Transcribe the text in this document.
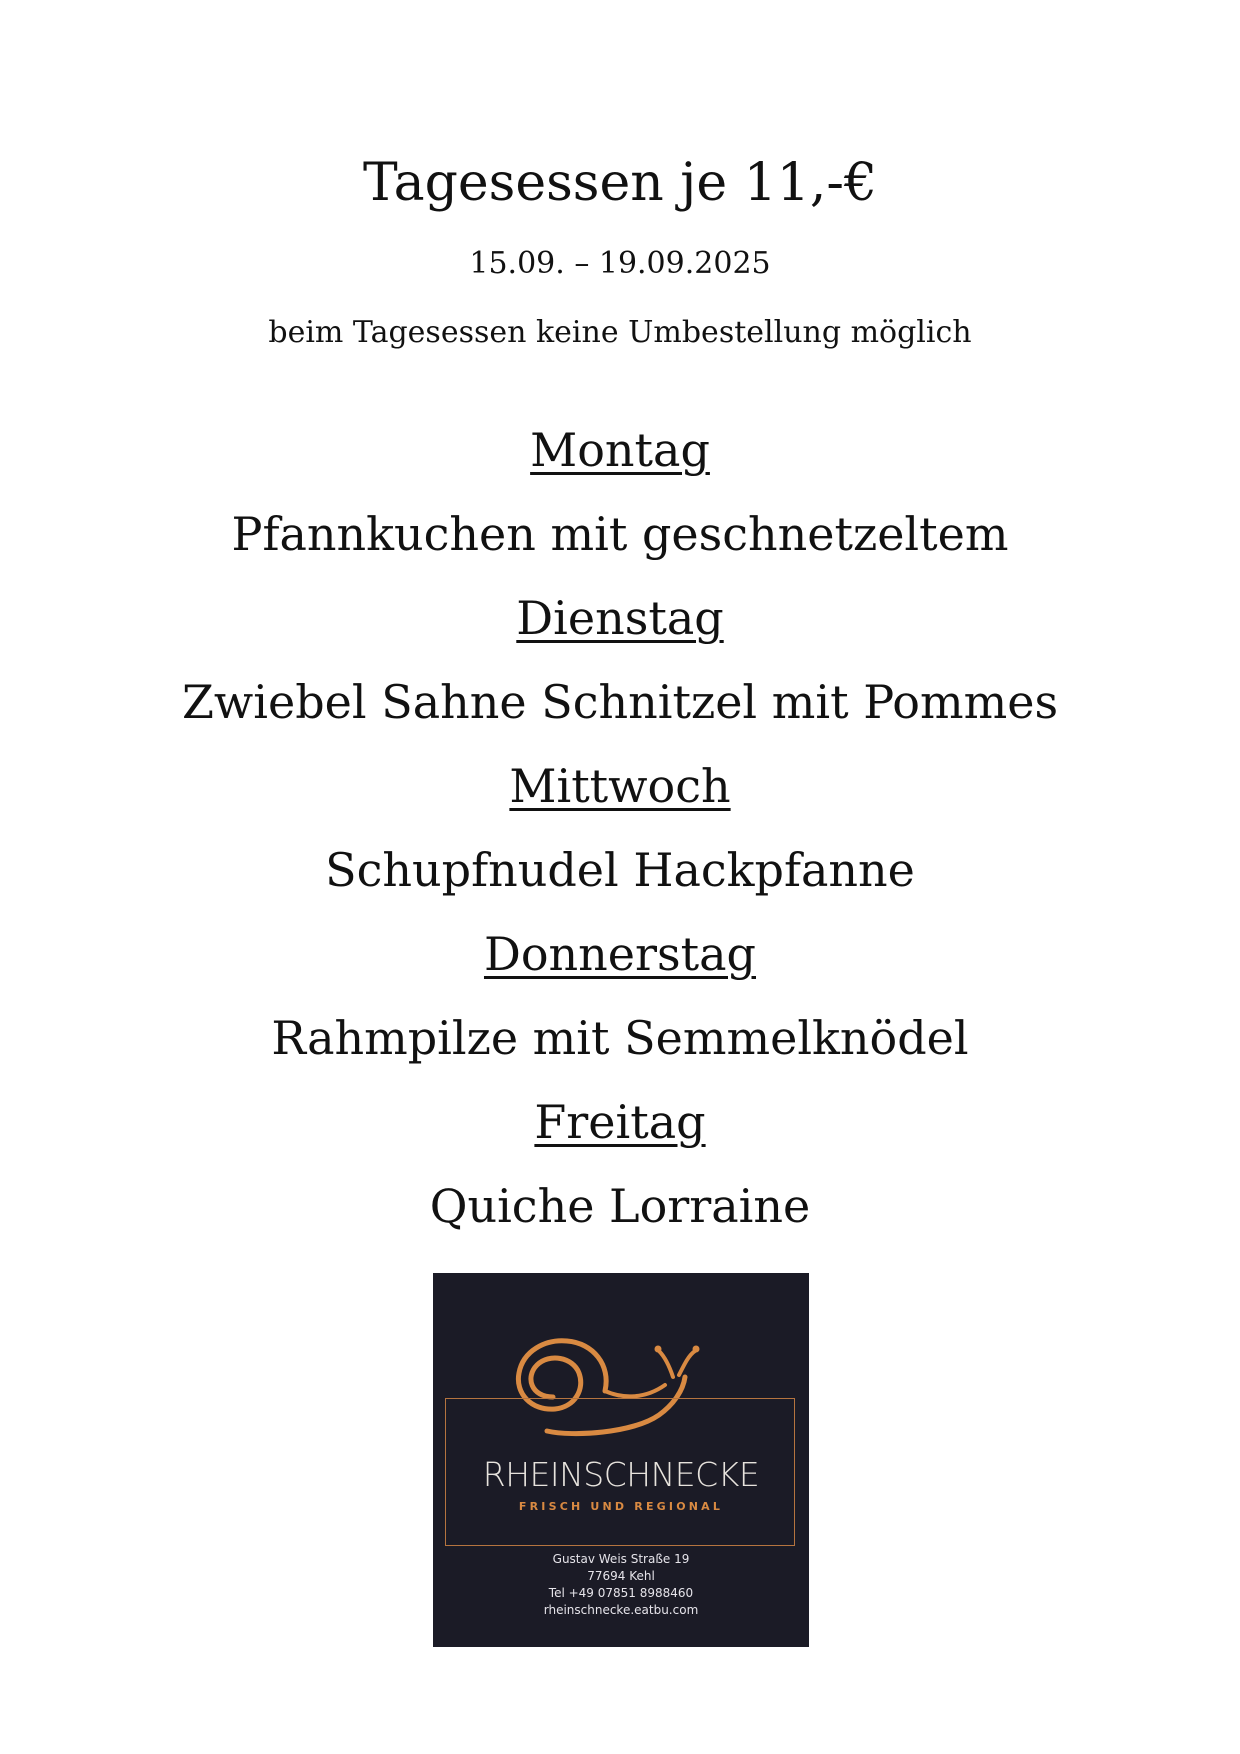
Tagesessen je 11,-€
15.09. – 19.09.2025
beim Tagesessen keine Umbestellung möglich
Montag
Pfannkuchen mit geschnetzeltem
Dienstag
Zwiebel Sahne Schnitzel mit Pommes
Mittwoch
Schupfnudel Hackpfanne
Donnerstag
Rahmpilze mit Semmelknödel
Freitag
Quiche Lorraine
RHEINSCHNECKE
FRISCH UND REGIONAL
Gustav Weis Straße 19
77694 Kehl
Tel +49 07851 8988460
rheinschnecke.eatbu.com
